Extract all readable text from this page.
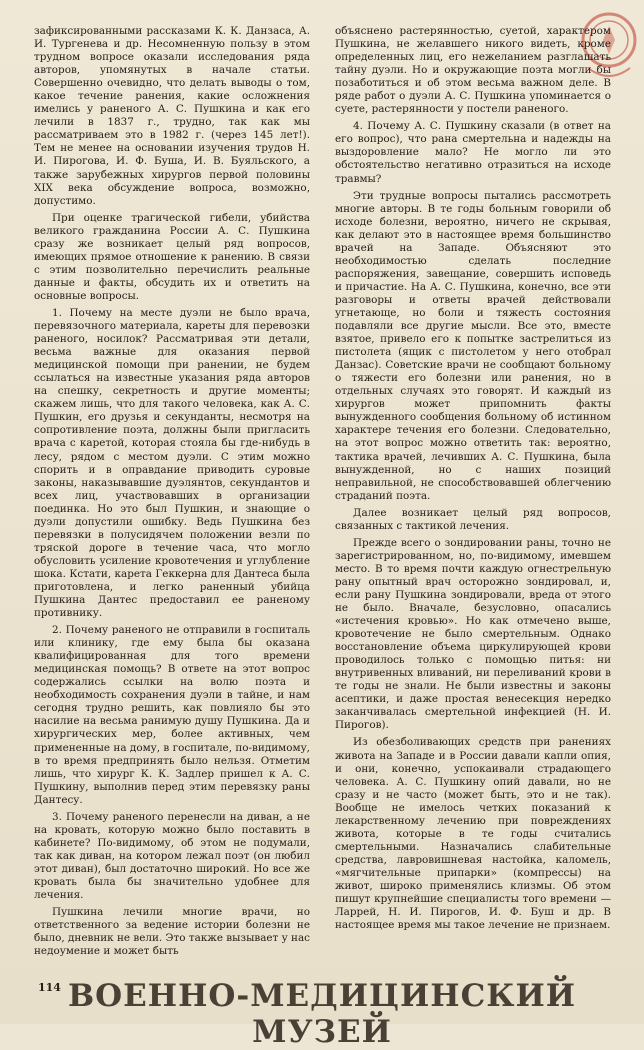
зафиксированными рассказами К. К. Данзаса, А. И. Тургенева и др. Несомненную пользу в этом трудном вопросе оказали исследования ряда авторов, упомянутых в начале статьи. Совершенно очевидно, что делать выводы о том, какое течение ранения, какие осложнения имелись у раненого А. С. Пушкина и как его лечили в 1837 г., трудно, так как мы рассматриваем это в 1982 г. (через 145 лет!). Тем не менее на основании изучения трудов Н. И. Пирогова, И. Ф. Буша, И. В. Буяльского, а также зарубежных хирургов первой половины XIX века обсуждение вопроса, возможно, допустимо.

При оценке трагической гибели, убийства великого гражданина России А. С. Пушкина сразу же возникает целый ряд вопросов, имеющих прямое отношение к ранению. В связи с этим позволительно перечислить реальные данные и факты, обсудить их и ответить на основные вопросы.

1. Почему на месте дуэли не было врача, перевязочного материала, кареты для перевозки раненого, носилок? Рассматривая эти детали, весьма важные для оказания первой медицинской помощи при ранении, не будем ссылаться на известные указания ряда авторов на спешку, секретность и другие моменты; скажем лишь, что для такого человека, как А. С. Пушкин, его друзья и секунданты, несмотря на сопротивление поэта, должны были пригласить врача с каретой, которая стояла бы где-нибудь в лесу, рядом с местом дуэли. С этим можно спорить и в оправдание приводить суровые законы, наказывавшие дуэлянтов, секундантов и всех лиц, участвовавших в организации поединка. Но это был Пушкин, и знающие о дуэли допустили ошибку. Ведь Пушкина без перевязки в полусидячем положении везли по тряской дороге в течение часа, что могло обусловить усиление кровотечения и углубление шока. Кстати, карета Геккерна для Дантеса была приготовлена, и легко раненный убийца Пушкина Дантес предоставил ее раненому противнику.

2. Почему раненого не отправили в госпиталь или клинику, где ему была бы оказана квалифицированная для того времени медицинская помощь? В ответе на этот вопрос содержались ссылки на волю поэта и необходимость сохранения дуэли в тайне, и нам сегодня трудно решить, как повлияло бы это насилие на весьма ранимую душу Пушкина. Да и хирургических мер, более активных, чем примененные на дому, в госпитале, по-видимому, в то время предпринять было нельзя. Отметим лишь, что хирург К. К. Задлер пришел к А. С. Пушкину, выполнив перед этим перевязку раны Дантесу.

3. Почему раненого перенесли на диван, а не на кровать, которую можно было поставить в кабинете? По-видимому, об этом не подумали, так как диван, на котором лежал поэт (он любил этот диван), был достаточно широкий. Но все же кровать была бы значительно удобнее для лечения.

Пушкина лечили многие врачи, но ответственного за ведение истории болезни не было, дневник не вели. Это также вызывает у нас недоумение и может быть

объяснено растерянностью, суетой, характером Пушкина, не желавшего никого видеть, кроме определенных лиц, его нежеланием разглашать тайну дуэли. Но и окружающие поэта могли бы позаботиться и об этом весьма важном деле. В ряде работ о дуэли А. С. Пушкина упоминается о суете, растерянности у постели раненого.

4. Почему А. С. Пушкину сказали (в ответ на его вопрос), что рана смертельна и надежды на выздоровление мало? Не могло ли это обстоятельство негативно отразиться на исходе травмы?

Эти трудные вопросы пытались рассмотреть многие авторы. В те годы больным говорили об исходе болезни, вероятно, ничего не скрывая, как делают это в настоящее время большинство врачей на Западе. Объясняют это необходимостью сделать последние распоряжения, завещание, совершить исповедь и причастие. На А. С. Пушкина, конечно, все эти разговоры и ответы врачей действовали угнетающе, но боли и тяжесть состояния подавляли все другие мысли. Все это, вместе взятое, привело его к попытке застрелиться из пистолета (ящик с пистолетом у него отобрал Данзас). Советские врачи не сообщают больному о тяжести его болезни или ранения, но в отдельных случаях это говорят. И каждый из хирургов может припомнить факты вынужденного сообщения больному об истинном характере течения его болезни. Следовательно, на этот вопрос можно ответить так: вероятно, тактика врачей, лечивших А. С. Пушкина, была вынужденной, но с наших позиций неправильной, не способствовавшей облегчению страданий поэта.

Далее возникает целый ряд вопросов, связанных с тактикой лечения.

Прежде всего о зондировании раны, точно не зарегистрированном, но, по-видимому, имевшем место. В то время почти каждую огнестрельную рану опытный врач осторожно зондировал, и, если рану Пушкина зондировали, вреда от этого не было. Вначале, безусловно, опасались «истечения кровью». Но как отмечено выше, кровотечение не было смертельным. Однако восстановление объема циркулирующей крови проводилось только с помощью питья: ни внутривенных вливаний, ни переливаний крови в те годы не знали. Не были известны и законы асептики, и даже простая венесекция нередко заканчивалась смертельной инфекцией (Н. И. Пирогов).

Из обезболивающих средств при ранениях живота на Западе и в России давали капли опия, и они, конечно, успокаивали страдающего человека. А. С. Пушкину опий давали, но не сразу и не часто (может быть, это и не так). Вообще не имелось четких показаний к лекарственному лечению при повреждениях живота, которые в те годы считались смертельными. Назначались слабительные средства, лавровишневая настойка, каломель, «мягчительные припарки» (компрессы) на живот, широко применялись клизмы. Об этом пишут крупнейшие специалисты того времени — Ларрей, Н. И. Пирогов, И. Ф. Буш и др. В настоящее время мы такое лечение не признаем.

114 ВОЕННО-МЕДИЦИНСКИЙ МУЗЕЙ
